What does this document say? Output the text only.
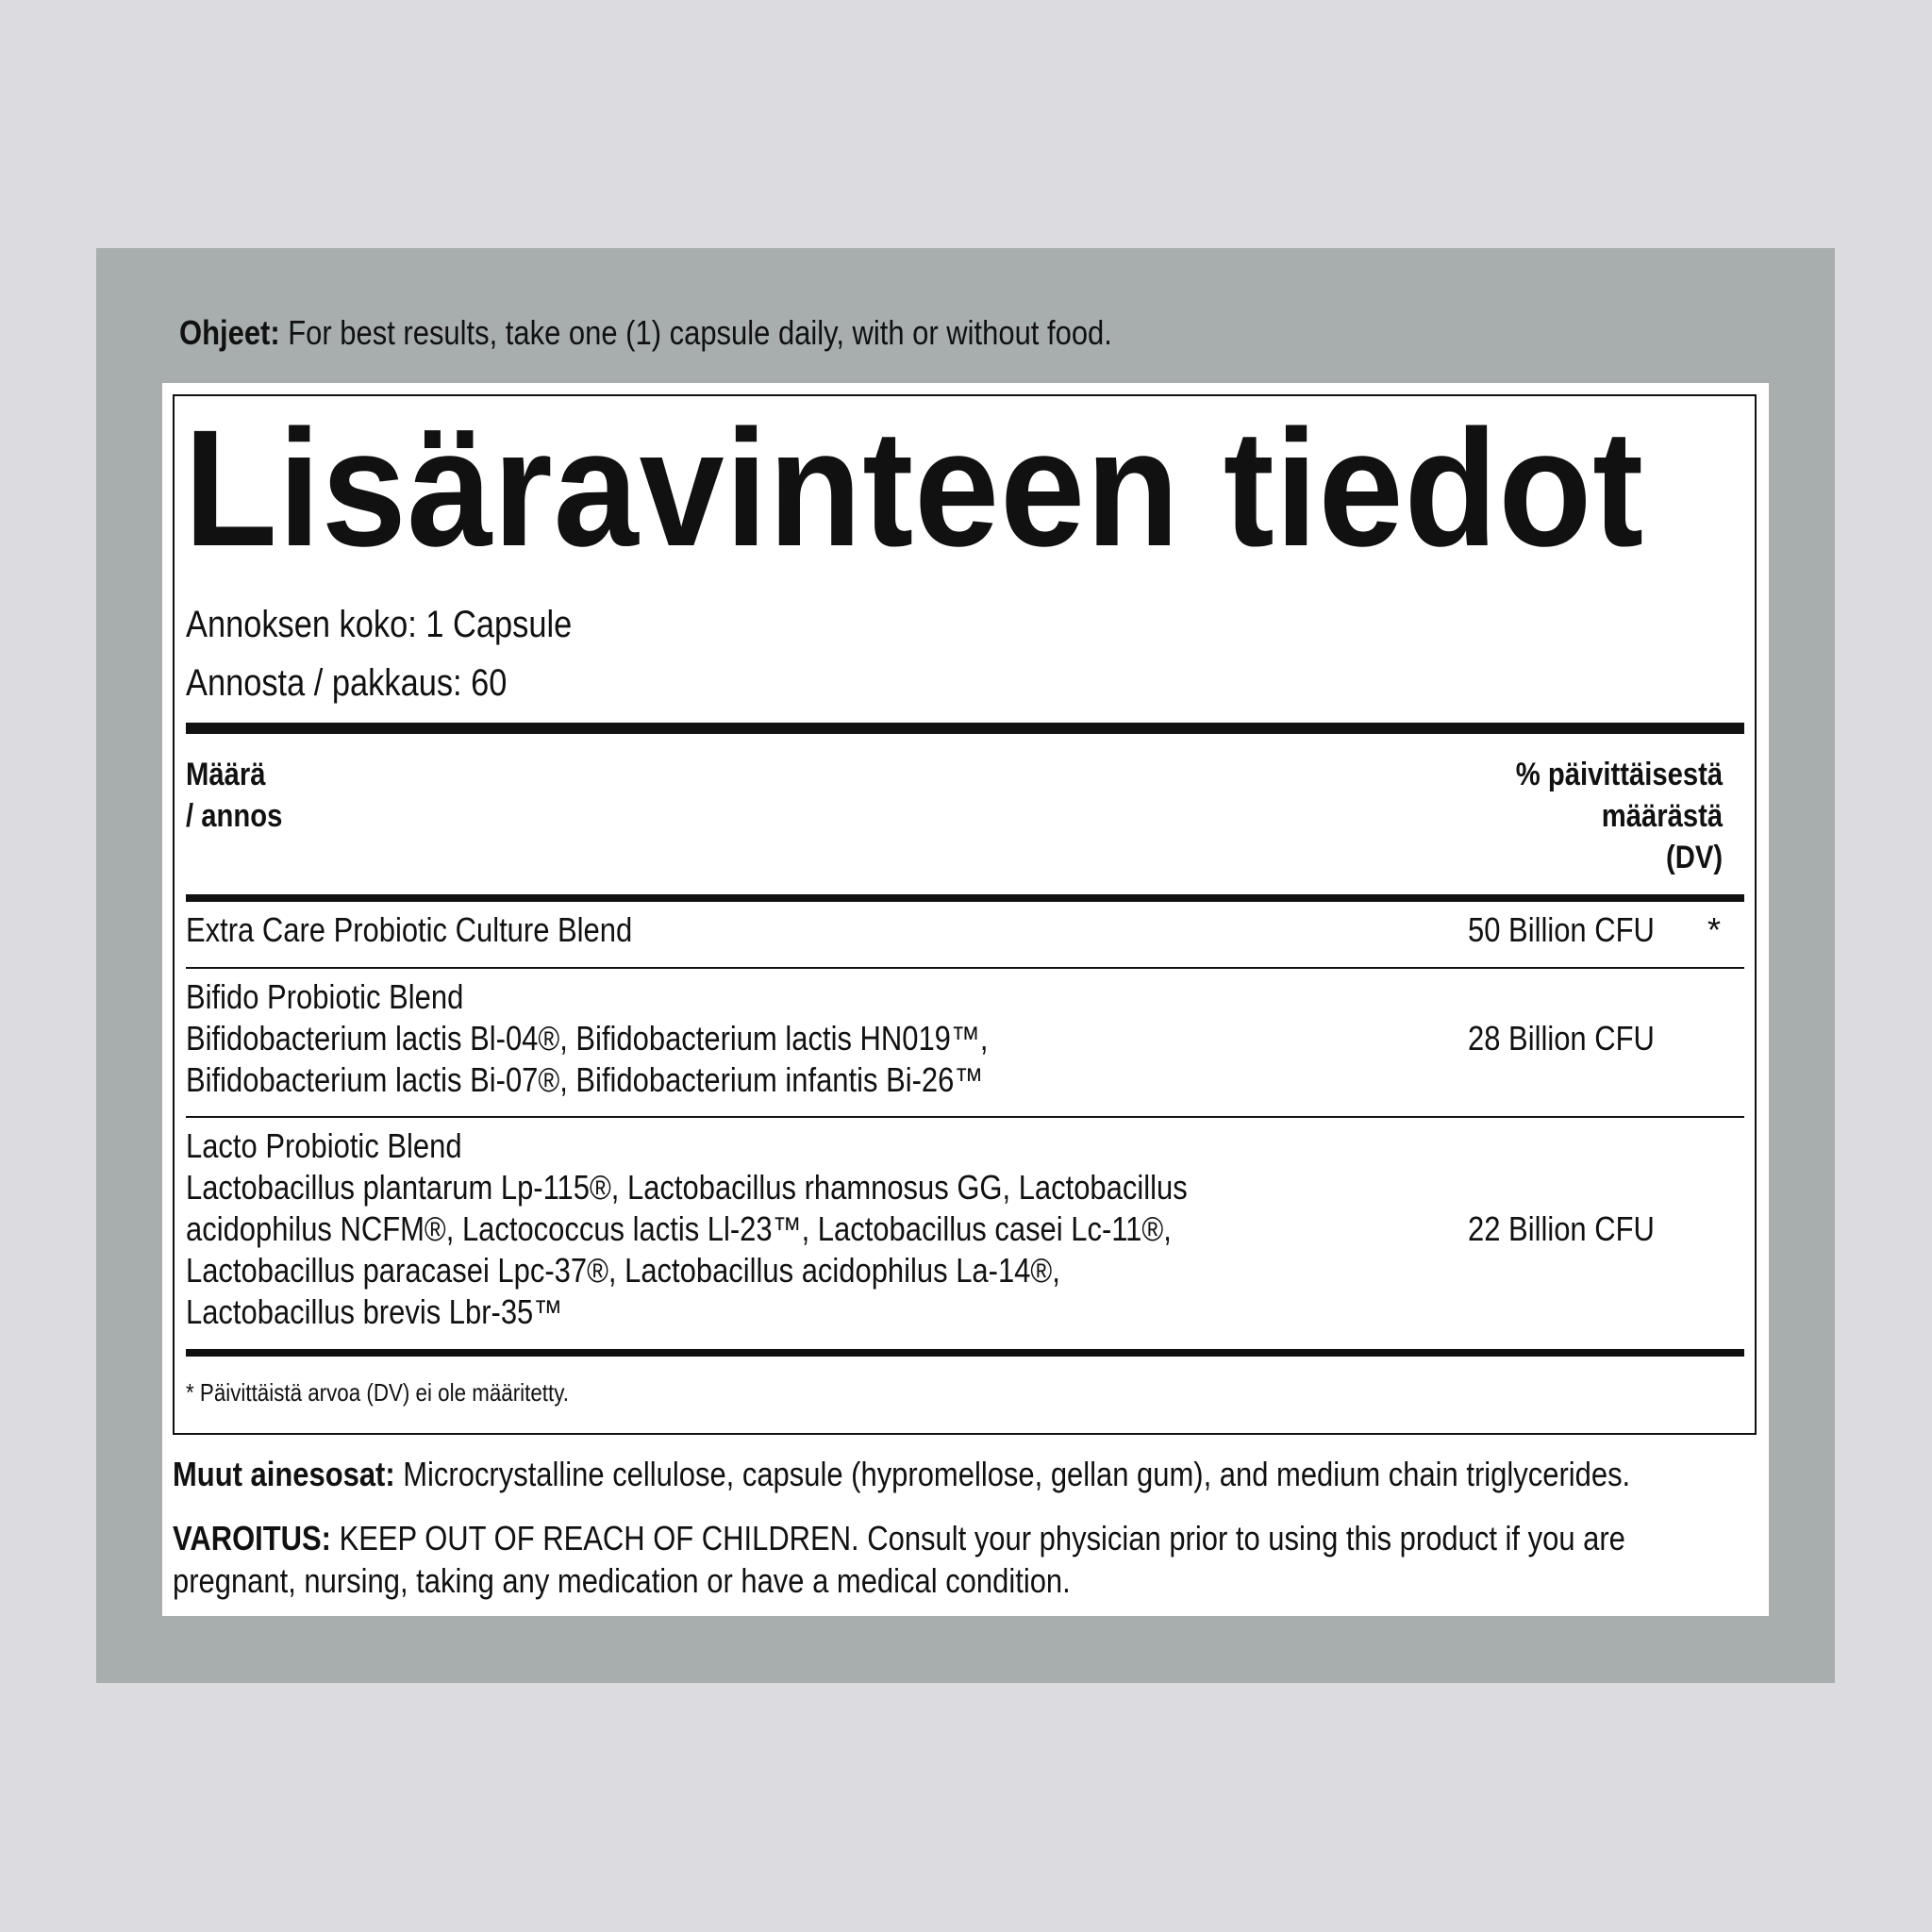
Ohjeet: For best results, take one (1) capsule daily, with or without food.
Lisäravinteen tiedot
Annoksen koko: 1 Capsule
Annosta / pakkaus: 60
Määrä
/ annos
% päivittäisestä
määrästä
(DV)
Extra Care Probiotic Culture Blend	50 Billion CFU *
Bifido Probiotic Blend
Bifidobacterium lactis Bl-04®, Bifidobacterium lactis HN019™,
Bifidobacterium lactis Bi-07®, Bifidobacterium infantis Bi-26™
28 Billion CFU
Lacto Probiotic Blend
Lactobacillus plantarum Lp-115®, Lactobacillus rhamnosus GG, Lactobacillus
acidophilus NCFM®, Lactococcus lactis Ll-23™, Lactobacillus casei Lc-11®,
Lactobacillus paracasei Lpc-37®, Lactobacillus acidophilus La-14®,
Lactobacillus brevis Lbr-35™
22 Billion CFU
* Päivittäistä arvoa (DV) ei ole määritetty.
Muut ainesosat: Microcrystalline cellulose, capsule (hypromellose, gellan gum), and medium chain triglycerides.
VAROITUS: KEEP OUT OF REACH OF CHILDREN. Consult your physician prior to using this product if you are pregnant, nursing, taking any medication or have a medical condition.
